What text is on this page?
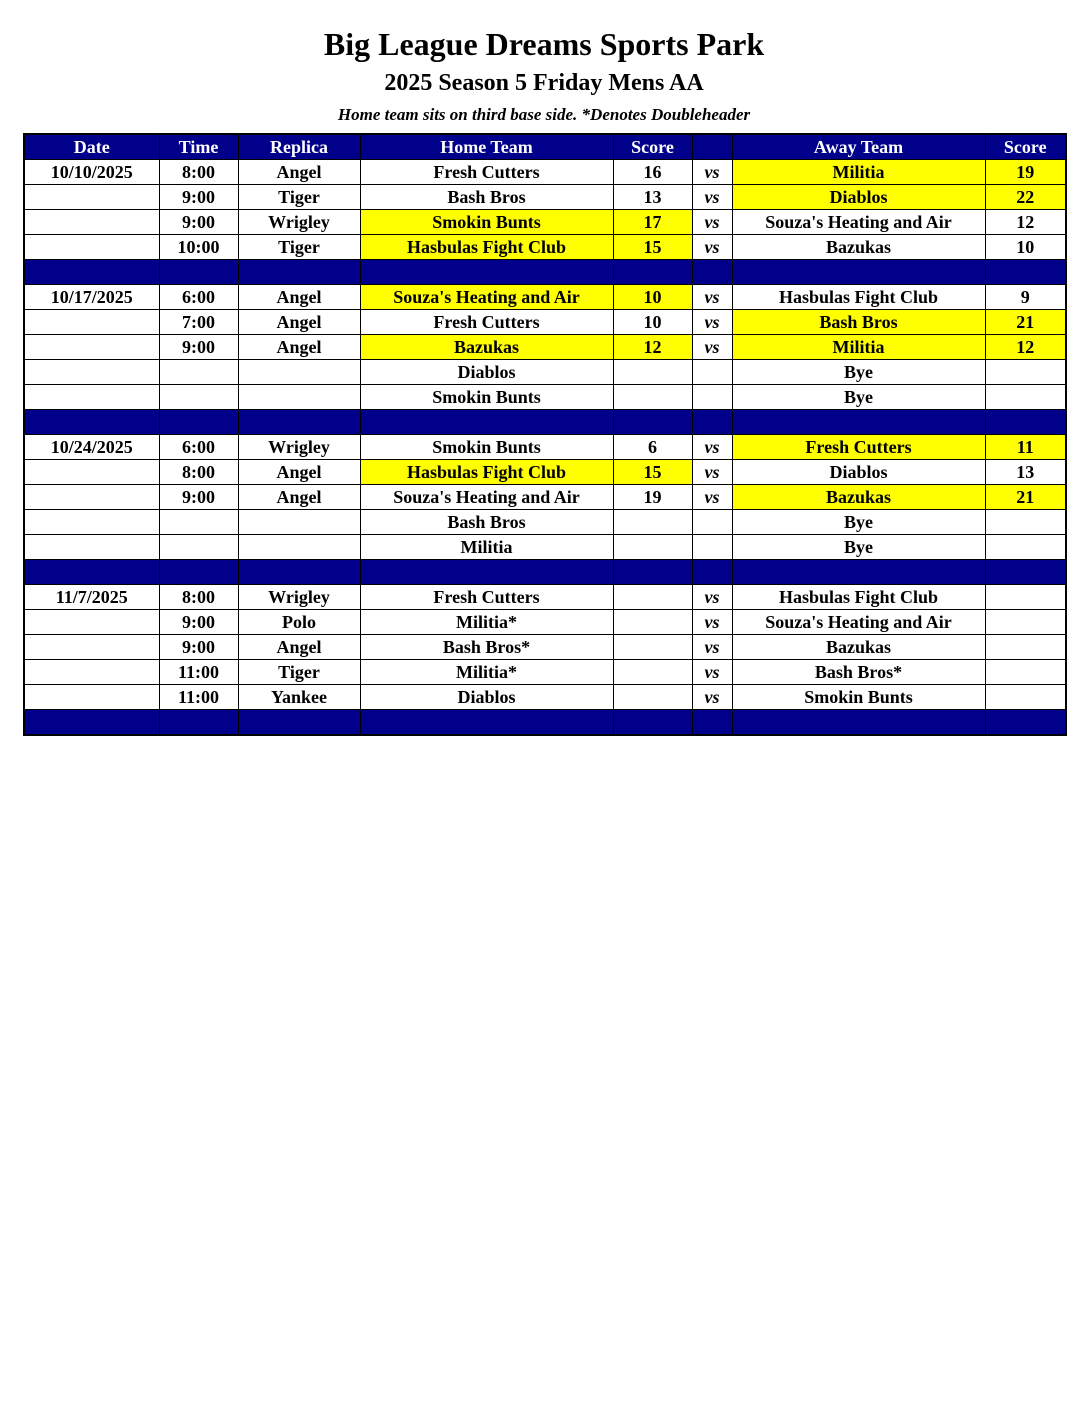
Big League Dreams Sports Park
2025 Season 5 Friday Mens AA
Home team sits on third base side. *Denotes Doubleheader
Date	Time	Replica	Home Team	Score		Away Team	Score
10/10/2025	8:00	Angel	Fresh Cutters	16	vs	Militia	19
	9:00	Tiger	Bash Bros	13	vs	Diablos	22
	9:00	Wrigley	Smokin Bunts	17	vs	Souza's Heating and Air	12
	10:00	Tiger	Hasbulas Fight Club	15	vs	Bazukas	10

10/17/2025	6:00	Angel	Souza's Heating and Air	10	vs	Hasbulas Fight Club	9
	7:00	Angel	Fresh Cutters	10	vs	Bash Bros	21
	9:00	Angel	Bazukas	12	vs	Militia	12
			Diablos			Bye	
			Smokin Bunts			Bye	

10/24/2025	6:00	Wrigley	Smokin Bunts	6	vs	Fresh Cutters	11
	8:00	Angel	Hasbulas Fight Club	15	vs	Diablos	13
	9:00	Angel	Souza's Heating and Air	19	vs	Bazukas	21
			Bash Bros			Bye	
			Militia			Bye	

11/7/2025	8:00	Wrigley	Fresh Cutters		vs	Hasbulas Fight Club	
	9:00	Polo	Militia*		vs	Souza's Heating and Air	
	9:00	Angel	Bash Bros*		vs	Bazukas	
	11:00	Tiger	Militia*		vs	Bash Bros*	
	11:00	Yankee	Diablos		vs	Smokin Bunts	
